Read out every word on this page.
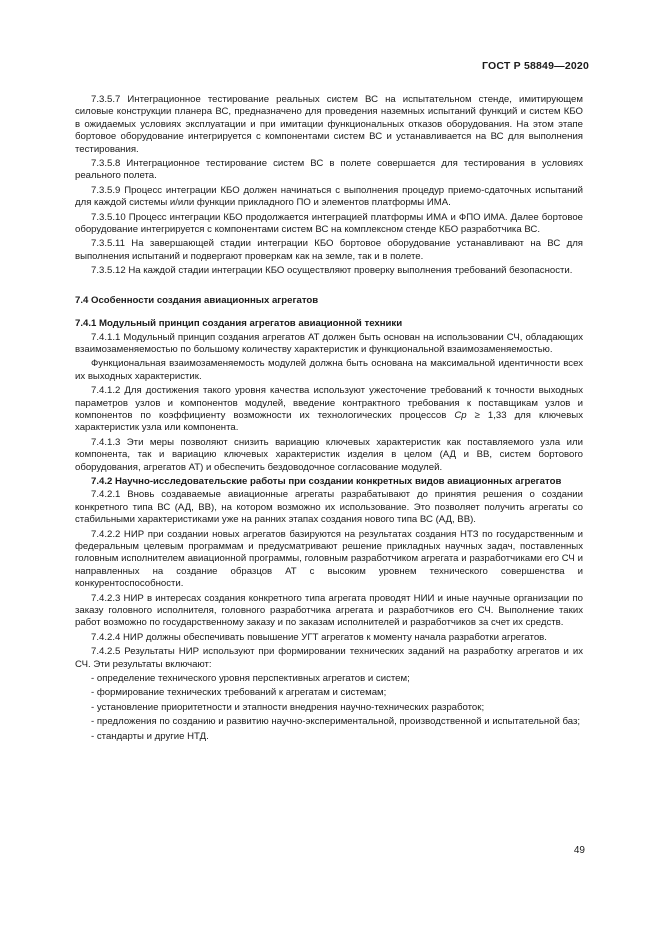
ГОСТ Р 58849—2020

7.3.5.7 Интеграционное тестирование реальных систем ВС на испытательном стенде, имитирующем силовые конструкции планера ВС, предназначено для проведения наземных испытаний функций и систем КБО в ожидаемых условиях эксплуатации и при имитации функциональных отказов оборудования. На этом этапе бортовое оборудование интегрируется с компонентами систем ВС и устанавливается на ВС для выполнения тестирования.

7.3.5.8 Интеграционное тестирование систем ВС в полете совершается для тестирования в условиях реального полета.

7.3.5.9 Процесс интеграции КБО должен начинаться с выполнения процедур приемо-сдаточных испытаний для каждой системы и/или функции прикладного ПО и элементов платформы ИМА.

7.3.5.10 Процесс интеграции КБО продолжается интеграцией платформы ИМА и ФПО ИМА. Далее бортовое оборудование интегрируется с компонентами систем ВС на комплексном стенде КБО разработчика ВС.

7.3.5.11 На завершающей стадии интеграции КБО бортовое оборудование устанавливают на ВС для выполнения испытаний и подвергают проверкам как на земле, так и в полете.

7.3.5.12 На каждой стадии интеграции КБО осуществляют проверку выполнения требований безопасности.

7.4 Особенности создания авиационных агрегатов

7.4.1 Модульный принцип создания агрегатов авиационной техники

7.4.1.1 Модульный принцип создания агрегатов АТ должен быть основан на использовании СЧ, обладающих взаимозаменяемостью по большому количеству характеристик и функциональной взаимозаменяемостью.

Функциональная взаимозаменяемость модулей должна быть основана на максимальной идентичности всех их выходных характеристик.

7.4.1.2 Для достижения такого уровня качества используют ужесточение требований к точности выходных параметров узлов и компонентов модулей, введение контрактного требования к поставщикам узлов и компонентов по коэффициенту возможности их технологических процессов Cp ≥ 1,33 для ключевых характеристик узла или компонента.

7.4.1.3 Эти меры позволяют снизить вариацию ключевых характеристик как поставляемого узла или компонента, так и вариацию ключевых характеристик изделия в целом (АД и ВВ, систем бортового оборудования, агрегатов АТ) и обеспечить бездоводочное согласование модулей.

7.4.2 Научно-исследовательские работы при создании конкретных видов авиационных агрегатов

7.4.2.1 Вновь создаваемые авиационные агрегаты разрабатывают до принятия решения о создании конкретного типа ВС (АД, ВВ), на котором возможно их использование. Это позволяет получить агрегаты со стабильными характеристиками уже на ранних этапах создания нового типа ВС (АД, ВВ).

7.4.2.2 НИР при создании новых агрегатов базируются на результатах создания НТЗ по государственным и федеральным целевым программам и предусматривают решение прикладных научных задач, поставленных головным исполнителем авиационной программы, головным разработчиком агрегата и разработчиками его СЧ и направленных на создание образцов АТ с высоким уровнем технического совершенства и конкурентоспособности.

7.4.2.3 НИР в интересах создания конкретного типа агрегата проводят НИИ и иные научные организации по заказу головного исполнителя, головного разработчика агрегата и разработчиков его СЧ. Выполнение таких работ возможно по государственному заказу и по заказам исполнителей и разработчиков за счет их средств.

7.4.2.4 НИР должны обеспечивать повышение УГТ агрегатов к моменту начала разработки агрегатов.

7.4.2.5 Результаты НИР используют при формировании технических заданий на разработку агрегатов и их СЧ. Эти результаты включают:

- определение технического уровня перспективных агрегатов и систем;

- формирование технических требований к агрегатам и системам;

- установление приоритетности и этапности внедрения научно-технических разработок;

- предложения по созданию и развитию научно-экспериментальной, производственной и испытательной баз;

- стандарты и другие НТД.

49
